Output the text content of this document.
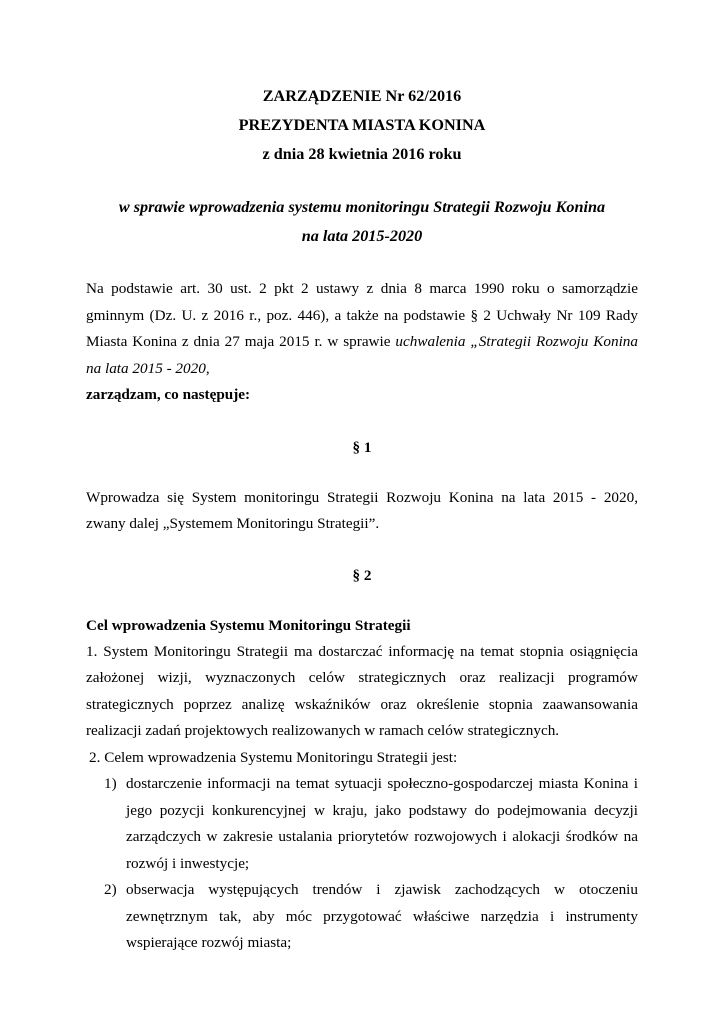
ZARZĄDZENIE Nr 62/2016
PREZYDENTA MIASTA KONINA
z dnia 28 kwietnia 2016 roku
w sprawie wprowadzenia systemu monitoringu Strategii Rozwoju Konina
na lata 2015-2020
Na podstawie art. 30 ust. 2 pkt 2 ustawy z dnia 8 marca 1990 roku o samorządzie gminnym (Dz. U. z 2016 r., poz. 446), a także na podstawie § 2 Uchwały Nr 109 Rady Miasta Konina z dnia 27 maja 2015 r. w sprawie uchwalenia „Strategii Rozwoju Konina na lata 2015 - 2020,
zarządzam, co następuje:
§ 1
Wprowadza się System monitoringu Strategii Rozwoju Konina na lata 2015 - 2020, zwany dalej „Systemem Monitoringu Strategii”.
§ 2
Cel wprowadzenia Systemu Monitoringu Strategii
1. System Monitoringu Strategii ma dostarczać informację na temat stopnia osiągnięcia założonej wizji, wyznaczonych celów strategicznych oraz realizacji programów strategicznych poprzez analizę wskaźników oraz określenie stopnia zaawansowania realizacji zadań projektowych realizowanych w ramach celów strategicznych.
2. Celem wprowadzenia Systemu Monitoringu Strategii jest:
1) dostarczenie informacji na temat sytuacji społeczno-gospodarczej miasta Konina i jego pozycji konkurencyjnej w kraju, jako podstawy do podejmowania decyzji zarządczych w zakresie ustalania priorytetów rozwojowych i alokacji środków na rozwój i inwestycje;
2) obserwacja występujących trendów i zjawisk zachodzących w otoczeniu zewnętrznym tak, aby móc przygotować właściwe narzędzia i instrumenty wspierające rozwój miasta;
